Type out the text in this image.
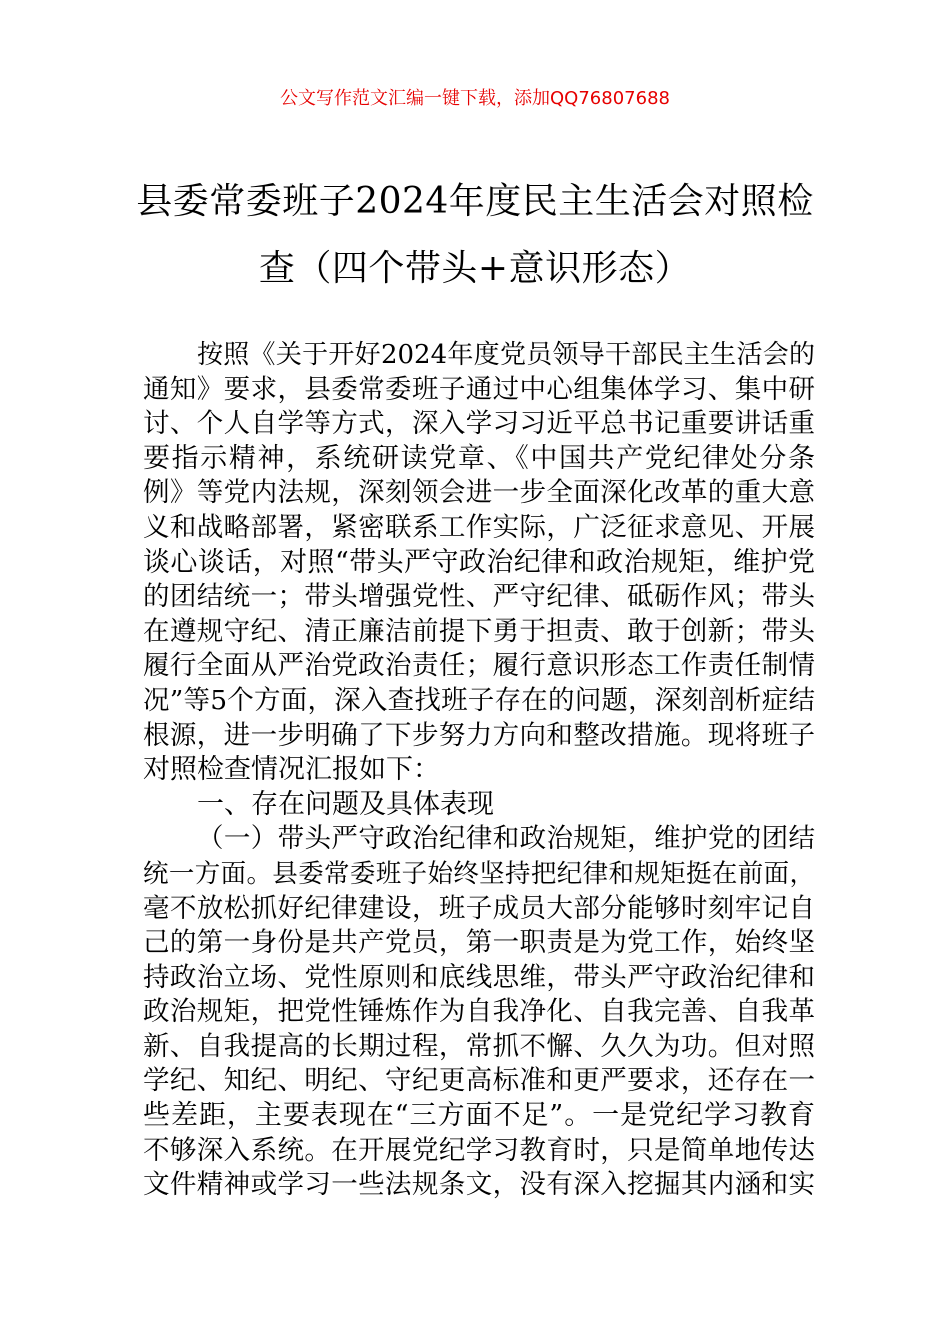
公文写作范文汇编一键下载，添加QQ76807688
县委常委班子2024年度民主生活会对照检
查（四个带头+意识形态）
按照《关于开好2024年度党员领导干部民主生活会的
通知》要求，县委常委班子通过中心组集体学习、集中研
讨、个人自学等方式，深入学习习近平总书记重要讲话重
要指示精神，系统研读党章、《中国共产党纪律处分条
例》等党内法规，深刻领会进一步全面深化改革的重大意
义和战略部署，紧密联系工作实际，广泛征求意见、开展
谈心谈话，对照“带头严守政治纪律和政治规矩，维护党
的团结统一；带头增强党性、严守纪律、砥砺作风；带头
在遵规守纪、清正廉洁前提下勇于担责、敢于创新；带头
履行全面从严治党政治责任；履行意识形态工作责任制情
况”等5个方面，深入查找班子存在的问题，深刻剖析症结
根源，进一步明确了下步努力方向和整改措施。现将班子
对照检查情况汇报如下：
一、存在问题及具体表现
（一）带头严守政治纪律和政治规矩，维护党的团结
统一方面。县委常委班子始终坚持把纪律和规矩挺在前面，
毫不放松抓好纪律建设，班子成员大部分能够时刻牢记自
己的第一身份是共产党员，第一职责是为党工作，始终坚
持政治立场、党性原则和底线思维，带头严守政治纪律和
政治规矩，把党性锤炼作为自我净化、自我完善、自我革
新、自我提高的长期过程，常抓不懈、久久为功。但对照
学纪、知纪、明纪、守纪更高标准和更严要求，还存在一
些差距，主要表现在“三方面不足”。一是党纪学习教育
不够深入系统。在开展党纪学习教育时，只是简单地传达
文件精神或学习一些法规条文，没有深入挖掘其内涵和实
